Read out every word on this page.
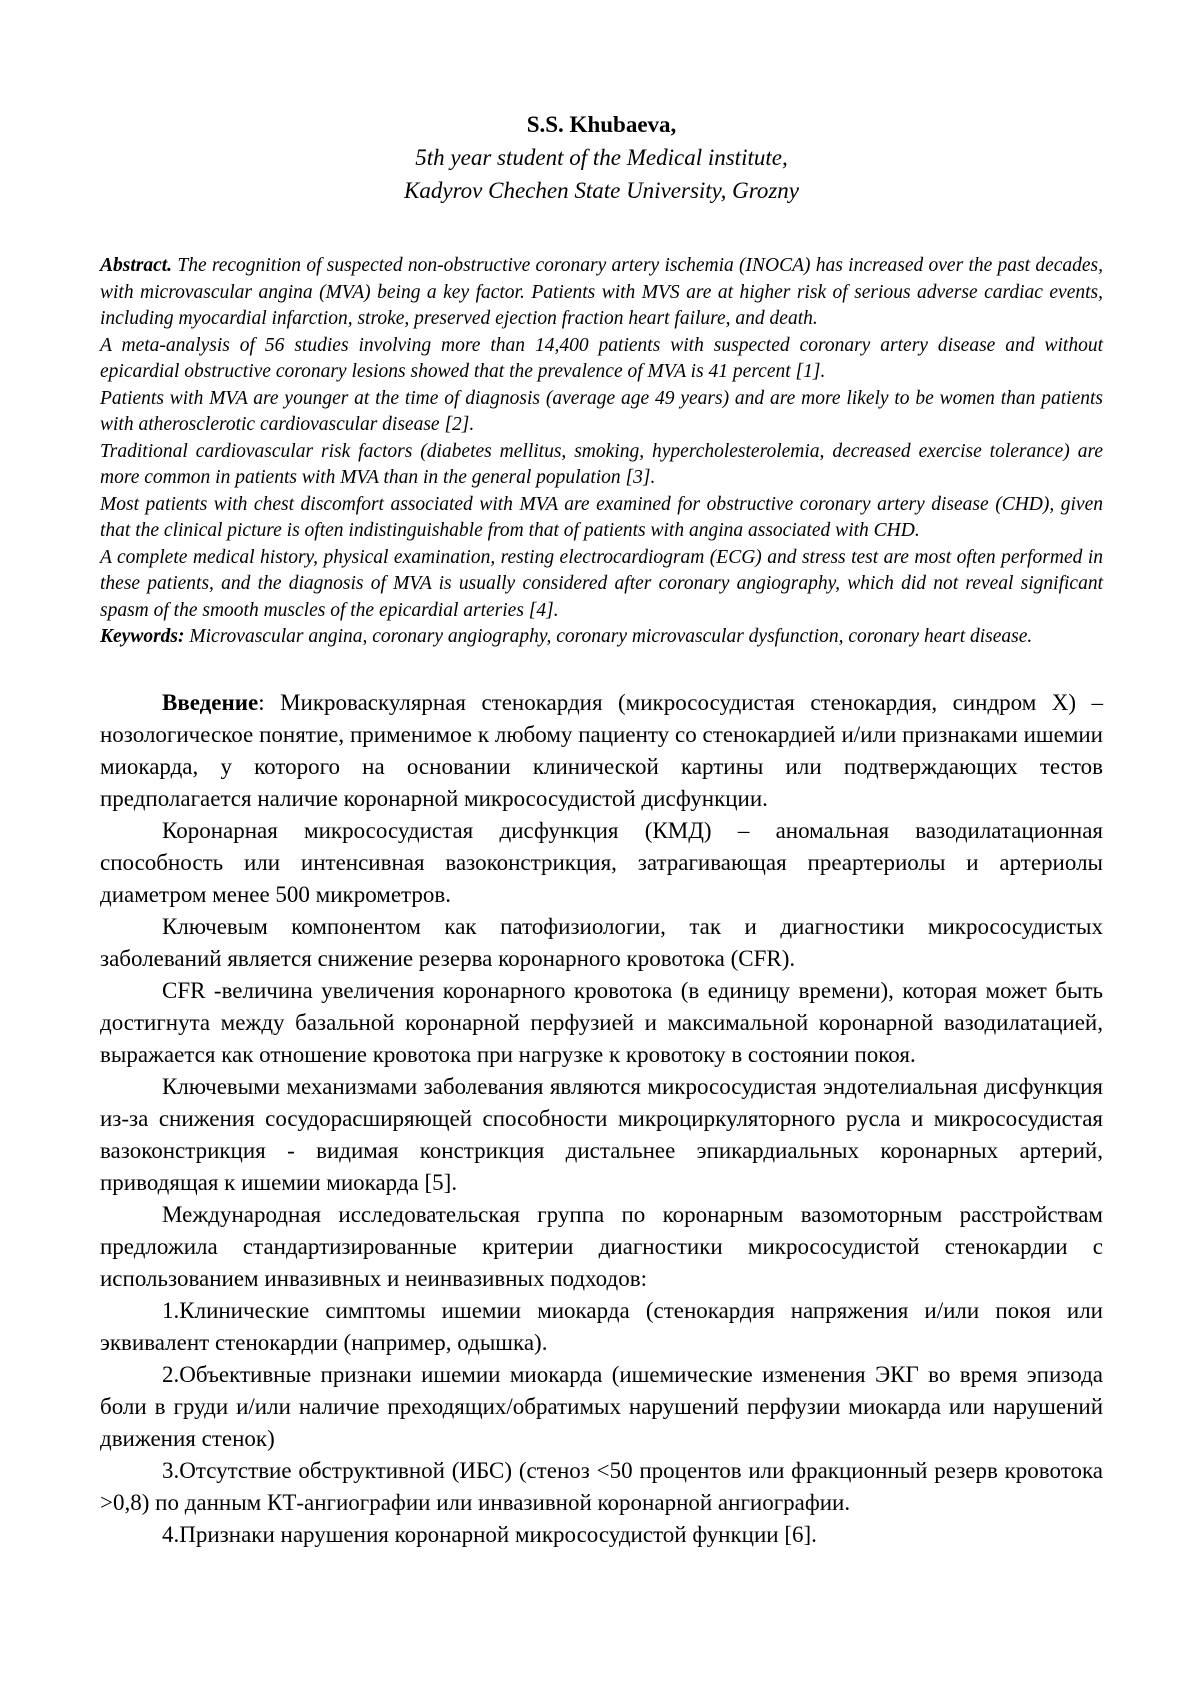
S.S. Khubaeva,
5th year student of the Medical institute,
Kadyrov Chechen State University, Grozny

Abstract. The recognition of suspected non-obstructive coronary artery ischemia (INOCA) has increased over the past decades, with microvascular angina (MVA) being a key factor. Patients with MVS are at higher risk of serious adverse cardiac events, including myocardial infarction, stroke, preserved ejection fraction heart failure, and death.

A meta-analysis of 56 studies involving more than 14,400 patients with suspected coronary artery disease and without epicardial obstructive coronary lesions showed that the prevalence of MVA is 41 percent [1].

Patients with MVA are younger at the time of diagnosis (average age 49 years) and are more likely to be women than patients with atherosclerotic cardiovascular disease [2].

Traditional cardiovascular risk factors (diabetes mellitus, smoking, hypercholesterolemia, decreased exercise tolerance) are more common in patients with MVA than in the general population [3].

Most patients with chest discomfort associated with MVA are examined for obstructive coronary artery disease (CHD), given that the clinical picture is often indistinguishable from that of patients with angina associated with CHD.

A complete medical history, physical examination, resting electrocardiogram (ECG) and stress test are most often performed in these patients, and the diagnosis of MVA is usually considered after coronary angiography, which did not reveal significant spasm of the smooth muscles of the epicardial arteries [4].

Keywords: Microvascular angina, coronary angiography, coronary microvascular dysfunction, coronary heart disease.

Введение: Микроваскулярная стенокардия (микрососудистая стенокардия, синдром X) – нозологическое понятие, применимое к любому пациенту со стенокардией и/или признаками ишемии миокарда, у которого на основании клинической картины или подтверждающих тестов предполагается наличие коронарной микрососудистой дисфункции.

Коронарная микрососудистая дисфункция (КМД) – аномальная вазодилатационная способность или интенсивная вазоконстрикция, затрагивающая преартериолы и артериолы диаметром менее 500 микрометров.

Ключевым компонентом как патофизиологии, так и диагностики микрососудистых заболеваний является снижение резерва коронарного кровотока (CFR).

CFR -величина увеличения коронарного кровотока (в единицу времени), которая может быть достигнута между базальной коронарной перфузией и максимальной коронарной вазодилатацией, выражается как отношение кровотока при нагрузке к кровотоку в состоянии покоя.

Ключевыми механизмами заболевания являются микрососудистая эндотелиальная дисфункция из-за снижения сосудорасширяющей способности микроциркуляторного русла и микрососудистая вазоконстрикция - видимая констрикция дистальнее эпикардиальных коронарных артерий, приводящая к ишемии миокарда [5].

Международная исследовательская группа по коронарным вазомоторным расстройствам предложила стандартизированные критерии диагностики микрососудистой стенокардии с использованием инвазивных и неинвазивных подходов:

1.Клинические симптомы ишемии миокарда (стенокардия напряжения и/или покоя или эквивалент стенокардии (например, одышка).

2.Объективные признаки ишемии миокарда (ишемические изменения ЭКГ во время эпизода боли в груди и/или наличие преходящих/обратимых нарушений перфузии миокарда или нарушений движения стенок)

3.Отсутствие обструктивной (ИБС) (стеноз <50 процентов или фракционный резерв кровотока >0,8) по данным КТ-ангиографии или инвазивной коронарной ангиографии.

4.Признаки нарушения коронарной микрососудистой функции [6].
